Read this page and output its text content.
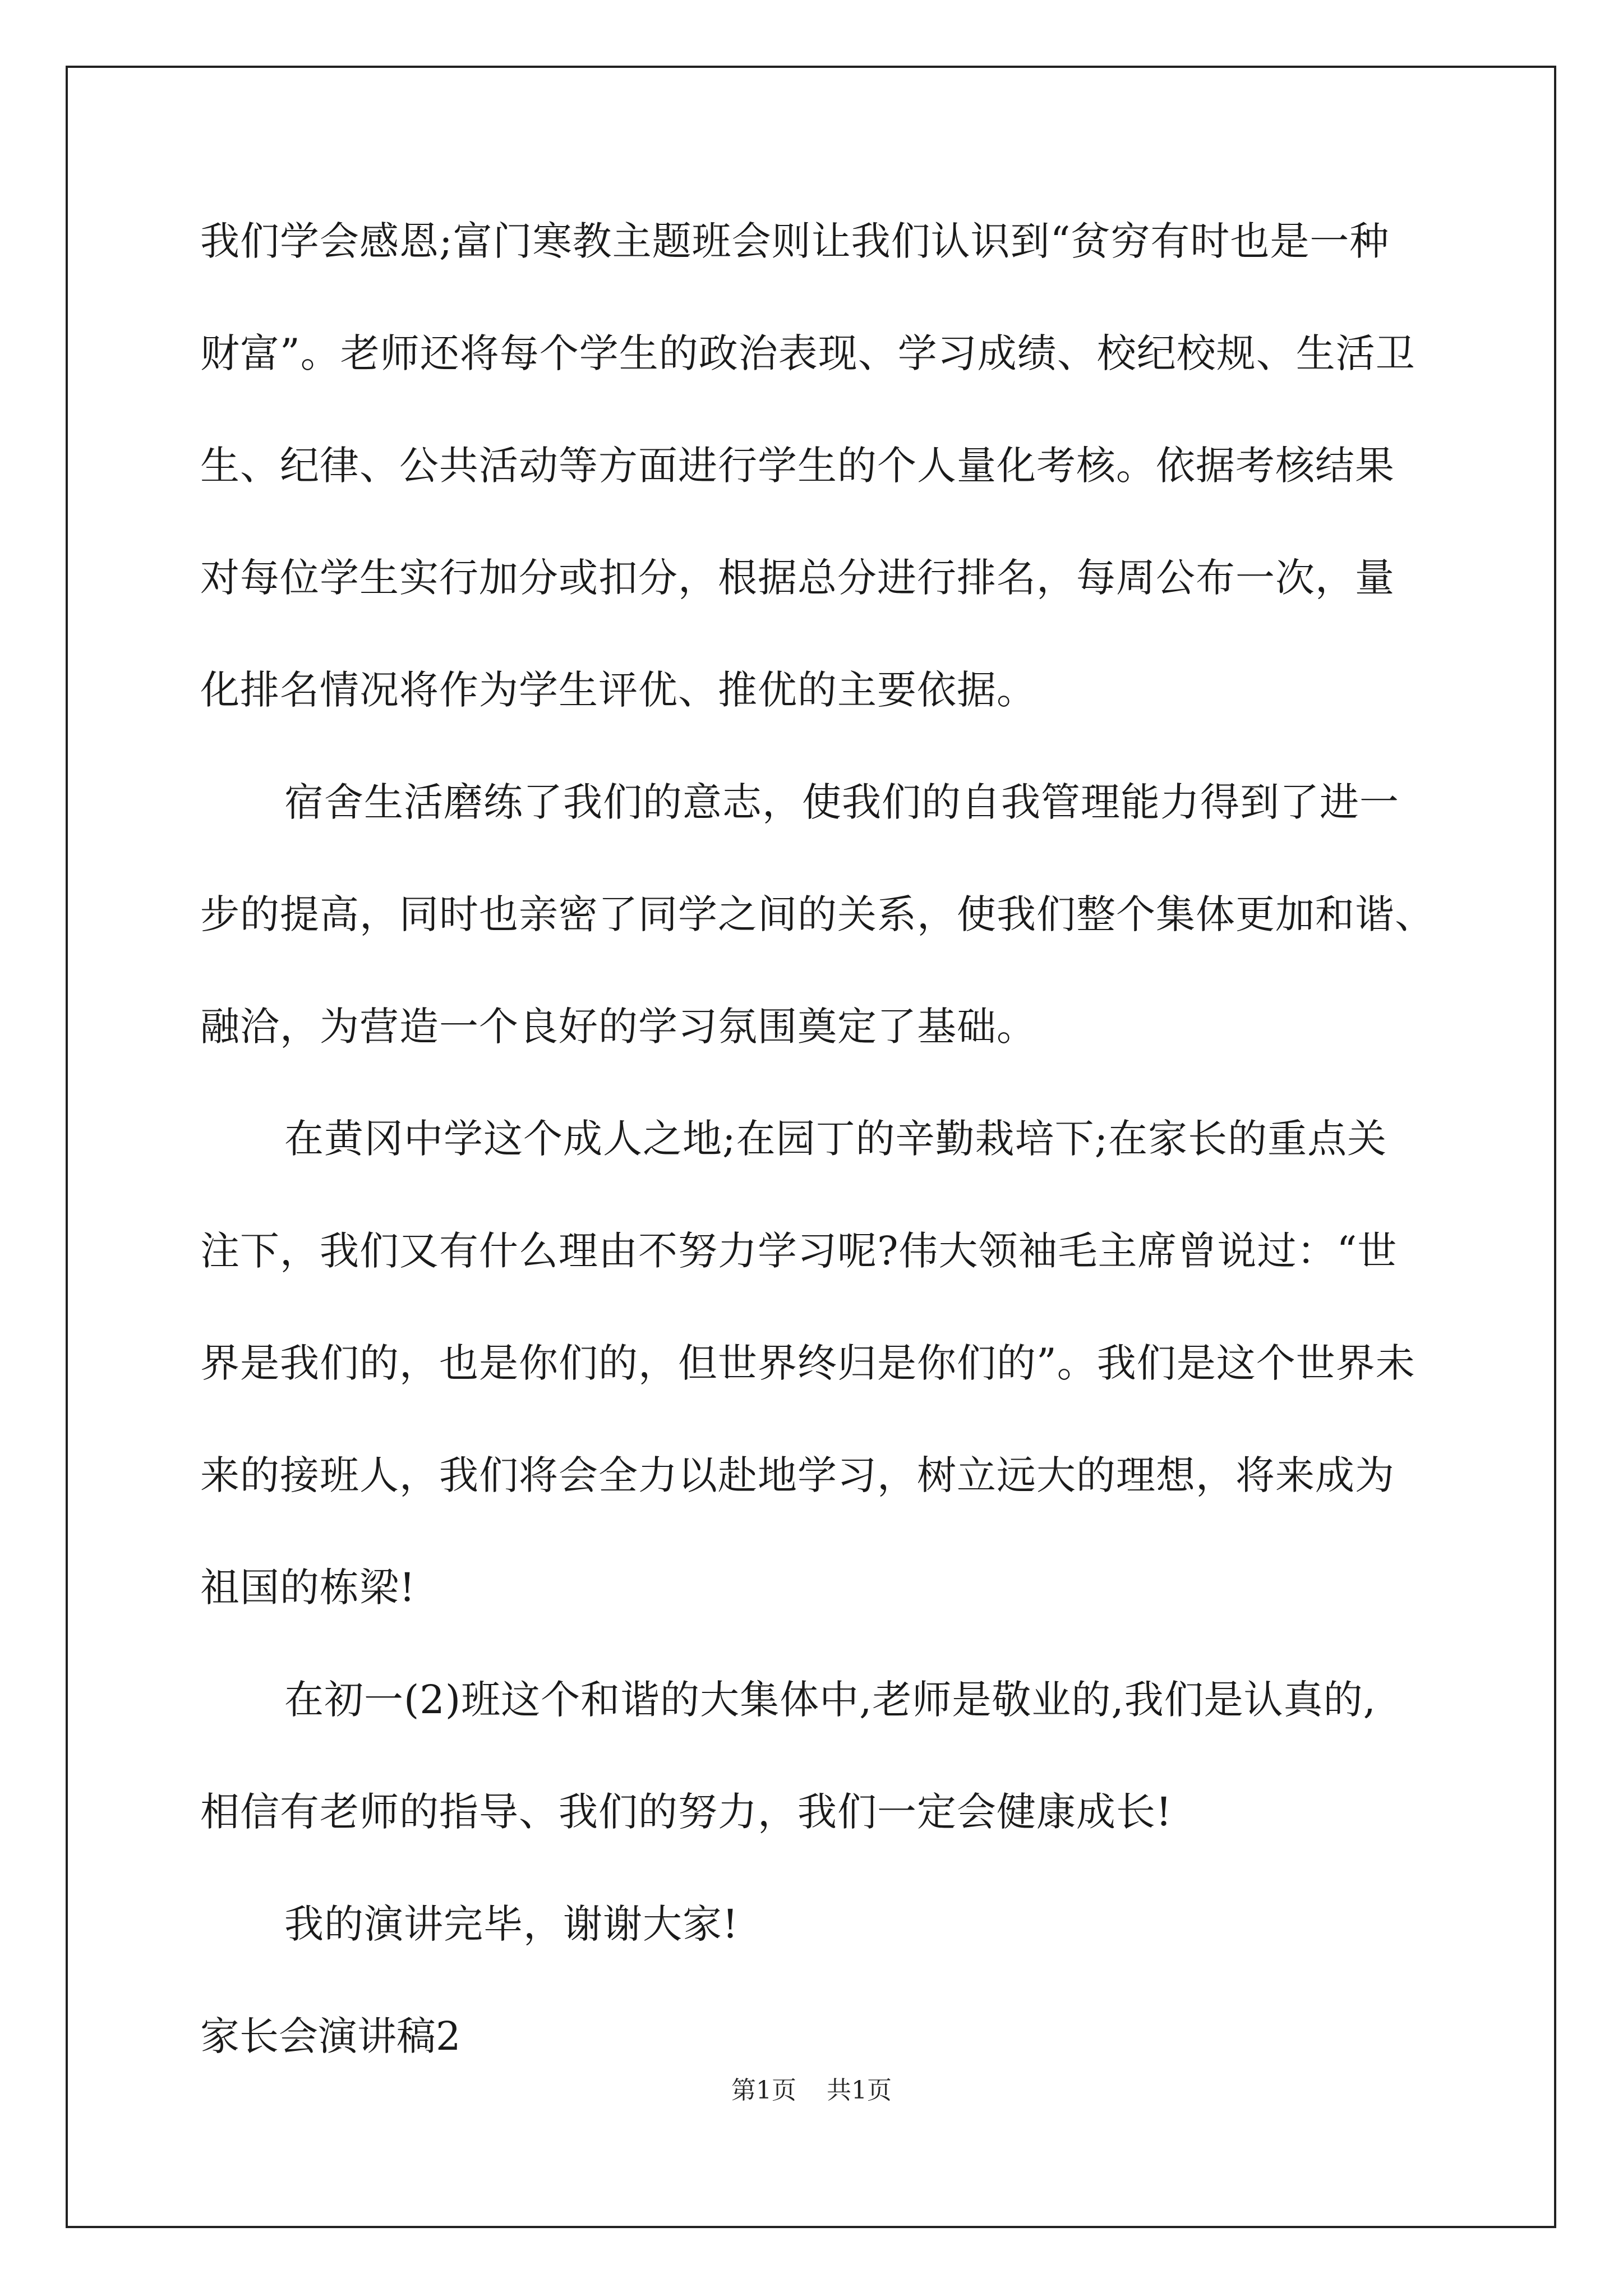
我们学会感恩;富门寒教主题班会则让我们认识到“贫穷有时也是一种
财富”。老师还将每个学生的政治表现、学习成绩、校纪校规、生活卫
生、纪律、公共活动等方面进行学生的个人量化考核。依据考核结果
对每位学生实行加分或扣分，根据总分进行排名，每周公布一次，量
化排名情况将作为学生评优、推优的主要依据。
宿舍生活磨练了我们的意志，使我们的自我管理能力得到了进一
步的提高，同时也亲密了同学之间的关系，使我们整个集体更加和谐、
融洽，为营造一个良好的学习氛围奠定了基础。
在黄冈中学这个成人之地;在园丁的辛勤栽培下;在家长的重点关
注下，我们又有什么理由不努力学习呢?伟大领袖毛主席曾说过：“世
界是我们的，也是你们的，但世界终归是你们的”。我们是这个世界未
来的接班人，我们将会全力以赴地学习，树立远大的理想，将来成为
祖国的栋梁!
在初一(2)班这个和谐的大集体中,老师是敬业的,我们是认真的,
相信有老师的指导、我们的努力，我们一定会健康成长!
我的演讲完毕，谢谢大家!
家长会演讲稿2
第1页 共1页
